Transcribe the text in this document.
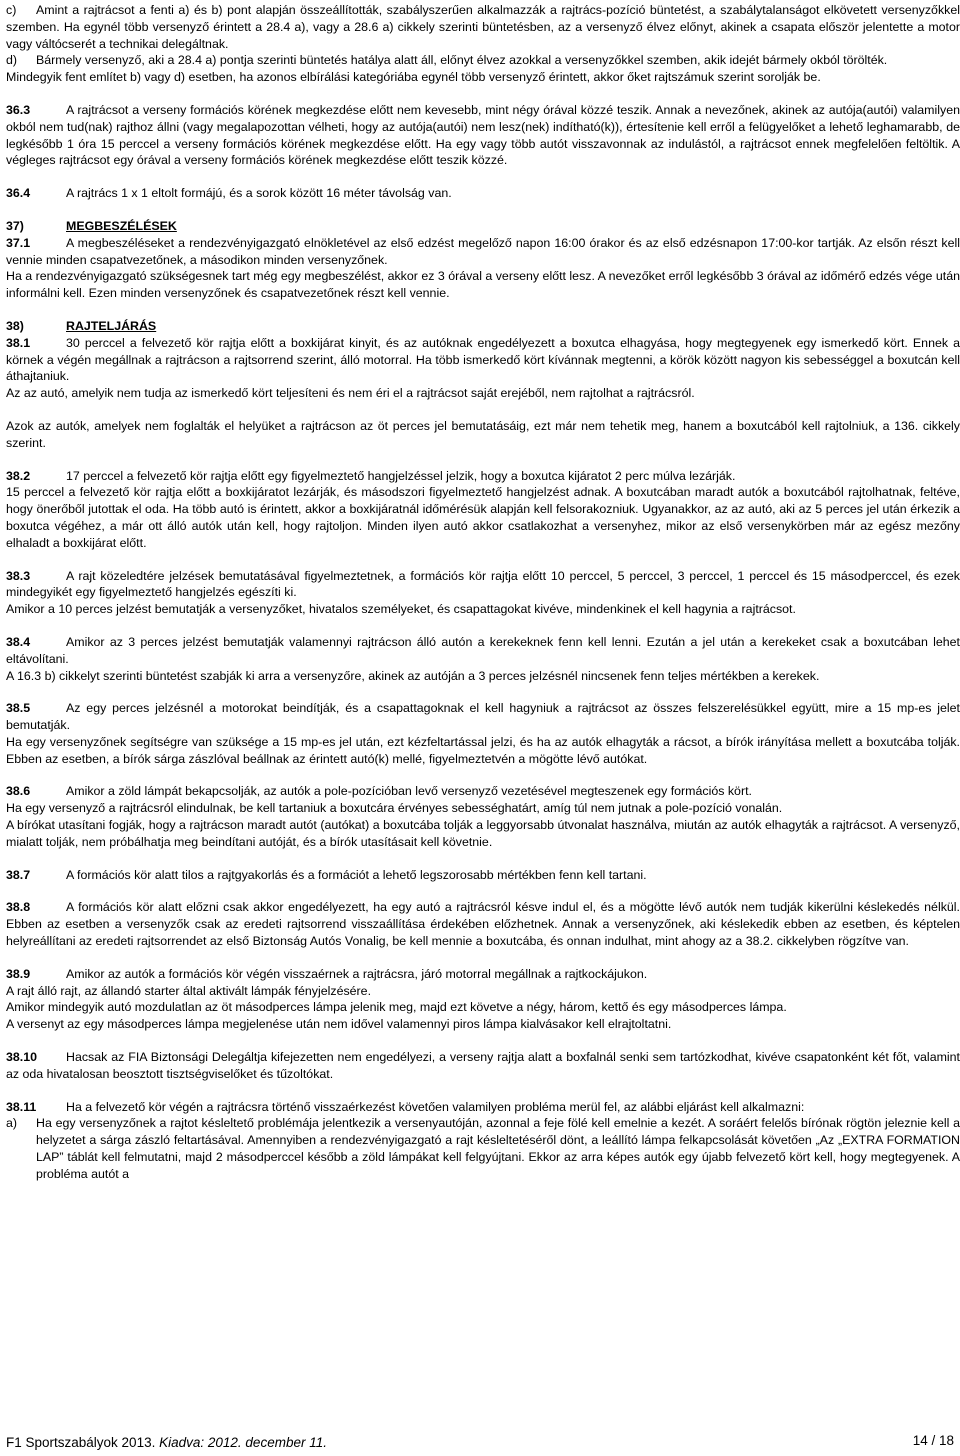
c) Amint a rajtrácsot a fenti a) és b) pont alapján összeállították, szabályszerűen alkalmazzák a rajtrács-pozíció büntetést, a szabálytalanságot elkövetett versenyzőkkel szemben. Ha egynél több versenyző érintett a 28.4 a), vagy a 28.6 a) cikkely szerinti büntetésben, az a versenyző élvez előnyt, akinek a csapata először jelentette a motor vagy váltócserét a technikai delegáltnak.

d) Bármely versenyző, aki a 28.4 a) pontja szerinti büntetés hatálya alatt áll, előnyt élvez azokkal a versenyzőkkel szemben, akik idejét bármely okból törölték.

Mindegyik fent említet b) vagy d) esetben, ha azonos elbírálási kategóriába egynél több versenyző érintett, akkor őket rajtszámuk szerint sorolják be.

36.3	A rajtrácsot a verseny formációs körének megkezdése előtt nem kevesebb, mint négy órával közzé teszik. Annak a nevezőnek, akinek az autója(autói) valamilyen okból nem tud(nak) rajthoz állni (vagy megalapozottan vélheti, hogy az autója(autói) nem lesz(nek) indítható(k)), értesítenie kell erről a felügyelőket a lehető leghamarabb, de legkésőbb 1 óra 15 perccel a verseny formációs körének megkezdése előtt. Ha egy vagy több autót visszavonnak az indulástól, a rajtrácsot ennek megfelelően feltöltik. A végleges rajtrácsot egy órával a verseny formációs körének megkezdése előtt teszik közzé.

36.4	A rajtrács 1 x 1 eltolt formájú, és a sorok között 16 méter távolság van.

37)	MEGBESZÉLÉSEK

37.1	A megbeszéléseket a rendezvényigazgató elnökletével az első edzést megelőző napon 16:00 órakor és az első edzésnapon 17:00-kor tartják. Az elsőn részt kell vennie minden csapatvezetőnek, a másodikon minden versenyzőnek.

Ha a rendezvényigazgató szükségesnek tart még egy megbeszélést, akkor ez 3 órával a verseny előtt lesz. A nevezőket erről legkésőbb 3 órával az időmérő edzés vége után informálni kell. Ezen minden versenyzőnek és csapatvezetőnek részt kell vennie.

38)	RAJTELJÁRÁS

38.1	30 perccel a felvezető kör rajtja előtt a boxkijárat kinyit, és az autóknak engedélyezett a boxutca elhagyása, hogy megtegyenek egy ismerkedő kört. Ennek a körnek a végén megállnak a rajtrácson a rajtsorrend szerint, álló motorral. Ha több ismerkedő kört kívánnak megtenni, a körök között nagyon kis sebességgel a boxutcán kell áthajtaniuk.

Az az autó, amelyik nem tudja az ismerkedő kört teljesíteni és nem éri el a rajtrácsot saját erejéből, nem rajtolhat a rajtrácsról.

Azok az autók, amelyek nem foglalták el helyüket a rajtrácson az öt perces jel bemutatásáig, ezt már nem tehetik meg, hanem a boxutcából kell rajtolniuk, a 136. cikkely szerint.

38.2	17 perccel a felvezető kör rajtja előtt egy figyelmeztető hangjelzéssel jelzik, hogy a boxutca kijáratot 2 perc múlva lezárják.

15 perccel a felvezető kör rajtja előtt a boxkijáratot lezárják, és másodszori figyelmeztető hangjelzést adnak. A boxutcában maradt autók a boxutcából rajtolhatnak, feltéve, hogy önerőből jutottak el oda. Ha több autó is érintett, akkor a boxkijáratnál időmérésük alapján kell felsorakozniuk. Ugyanakkor, az az autó, aki az 5 perces jel után érkezik a boxutca végéhez, a már ott álló autók után kell, hogy rajtoljon. Minden ilyen autó akkor csatlakozhat a versenyhez, mikor az első versenykörben már az egész mezőny elhaladt a boxkijárat előtt.

38.3	A rajt közeledtére jelzések bemutatásával figyelmeztetnek, a formációs kör rajtja előtt 10 perccel, 5 perccel, 3 perccel, 1 perccel és 15 másodperccel, és ezek mindegyikét egy figyelmeztető hangjelzés egészíti ki.

Amikor a 10 perces jelzést bemutatják a versenyzőket, hivatalos személyeket, és csapattagokat kivéve, mindenkinek el kell hagynia a rajtrácsot.

38.4	Amikor az 3 perces jelzést bemutatják valamennyi rajtrácson álló autón a kerekeknek fenn kell lenni. Ezután a jel után a kerekeket csak a boxutcában lehet eltávolítani.

A 16.3 b) cikkelyt szerinti büntetést szabják ki arra a versenyzőre, akinek az autóján a 3 perces jelzésnél nincsenek fenn teljes mértékben a kerekek.

38.5	Az egy perces jelzésnél a motorokat beindítják, és a csapattagoknak el kell hagyniuk a rajtrácsot az összes felszerelésükkel együtt, mire a 15 mp-es jelet bemutatják.

Ha egy versenyzőnek segítségre van szüksége a 15 mp-es jel után, ezt kézfeltartással jelzi, és ha az autók elhagyták a rácsot, a bírók irányítása mellett a boxutcába tolják. Ebben az esetben, a bírók sárga zászlóval beállnak az érintett autó(k) mellé, figyelmeztetvén a mögötte lévő autókat.

38.6	Amikor a zöld lámpát bekapcsolják, az autók a pole-pozícióban levő versenyző vezetésével megteszenek egy formációs kört.

Ha egy versenyző a rajtrácsról elindulnak, be kell tartaniuk a boxutcára érvényes sebességhatárt, amíg túl nem jutnak a pole-pozíció vonalán.

A bírókat utasítani fogják, hogy a rajtrácson maradt autót (autókat) a boxutcába tolják a leggyorsabb útvonalat használva, miután az autók elhagyták a rajtrácsot. A versenyző, mialatt tolják, nem próbálhatja meg beindítani autóját, és a bírók utasításait kell követnie.

38.7	A formációs kör alatt tilos a rajtgyakorlás és a formációt a lehető legszorosabb mértékben fenn kell tartani.

38.8	A formációs kör alatt előzni csak akkor engedélyezett, ha egy autó a rajtrácsról késve indul el, és a mögötte lévő autók nem tudják kikerülni késlekedés nélkül. Ebben az esetben a versenyzők csak az eredeti rajtsorrend visszaállítása érdekében előzhetnek. Annak a versenyzőnek, aki késlekedik ebben az esetben, és képtelen helyreállítani az eredeti rajtsorrendet az első Biztonság Autós Vonalig, be kell mennie a boxutcába, és onnan indulhat, mint ahogy az a 38.2. cikkelyben rögzítve van.

38.9	Amikor az autók a formációs kör végén visszaérnek a rajtrácsra, járó motorral megállnak a rajtkockájukon.

A rajt álló rajt, az állandó starter által aktivált lámpák fényjelzésére.

Amikor mindegyik autó mozdulatlan az öt másodperces lámpa jelenik meg, majd ezt követve a négy, három, kettő és egy másodperces lámpa.

A versenyt az egy másodperces lámpa megjelenése után nem idővel valamennyi piros lámpa kialvásakor kell elrajtoltatni.

38.10 Hacsak az FIA Biztonsági Delegáltja kifejezetten nem engedélyezi, a verseny rajtja alatt a boxfalnál senki sem tartózkodhat, kivéve csapatonként két főt, valamint az oda hivatalosan beosztott tisztségviselőket és tűzoltókat.

38.11 Ha a felvezető kör végén a rajtrácsra történő visszaérkezést követően valamilyen probléma merül fel, az alábbi eljárást kell alkalmazni:

a) Ha egy versenyzőnek a rajtot késleltető problémája jelentkezik a versenyautóján, azonnal a feje fölé kell emelnie a kezét. A soráért felelős bírónak rögtön jeleznie kell a helyzetet a sárga zászló feltartásával. Amennyiben a rendezvényigazgató a rajt késleltetéséről dönt, a leállító lámpa felkapcsolását követően „Az „EXTRA FORMATION LAP” táblát kell felmutatni, majd 2 másodperccel később a zöld lámpákat kell felgyújtani. Ekkor az arra képes autók egy újabb felvezető kört kell, hogy megtegyenek. A probléma autót a

F1 Sportszabályok 2013. Kiadva: 2012. december 11.	14 / 18
